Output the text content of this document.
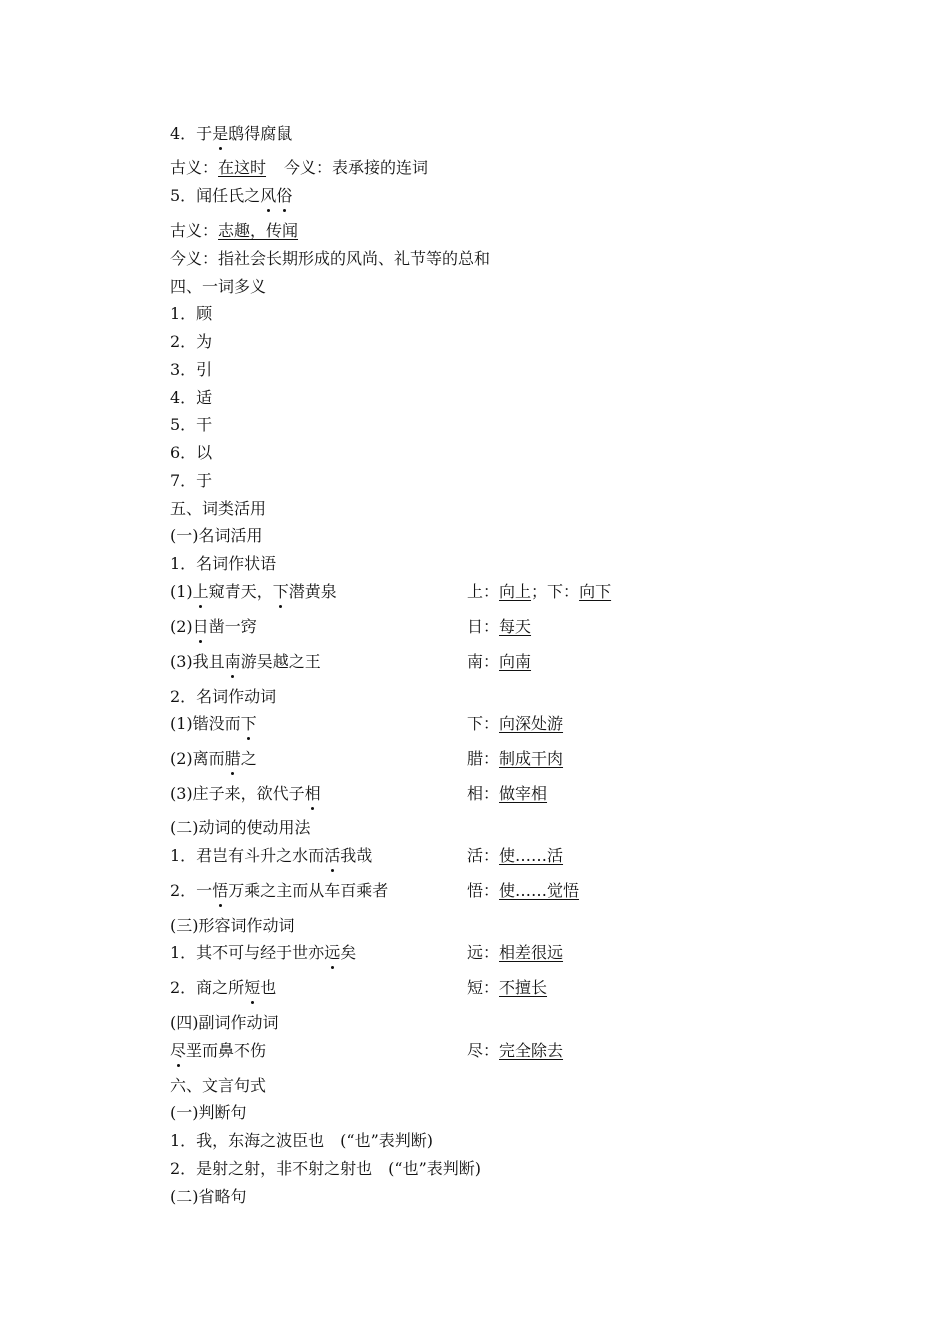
4．于是鸱得腐鼠
古义：在这时 今义：表承接的连词
5．闻任氏之风俗
古义：志趣，传闻
今义：指社会长期形成的风尚、礼节等的总和
四、一词多义
1．顾
2．为
3．引
4．适
5．干
6．以
7．于
五、词类活用
(一)名词活用
1．名词作状语
(1)上窥青天，下潜黄泉	上：向上；下：向下
(2)日凿一窍	日：每天
(3)我且南游吴越之王	南：向南
2．名词作动词
(1)锴没而下	下：向深处游
(2)离而腊之	腊：制成干肉
(3)庄子来，欲代子相	相：做宰相
(二)动词的使动用法
1．君岂有斗升之水而活我哉	活：使……活
2．一悟万乘之主而从车百乘者	悟：使……觉悟
(三)形容词作动词
1．其不可与经于世亦远矣	远：相差很远
2．商之所短也	短：不擅长
(四)副词作动词
尽垩而鼻不伤	尽：完全除去
六、文言句式
(一)判断句
1．我，东海之波臣也　(“也”表判断)
2．是射之射，非不射之射也　(“也”表判断)
(二)省略句
